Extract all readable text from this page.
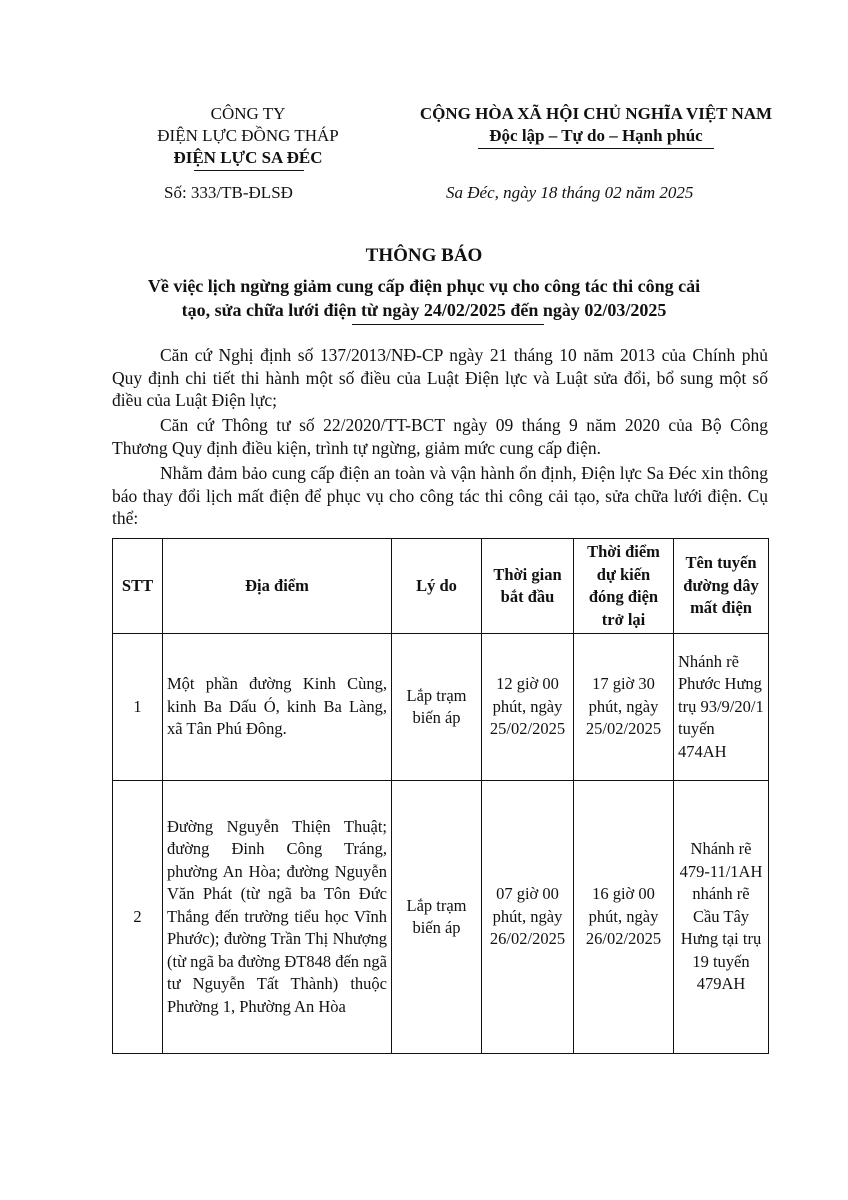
CÔNG TY
ĐIỆN LỰC ĐỒNG THÁP
ĐIỆN LỰC SA ĐÉC
CỘNG HÒA XÃ HỘI CHỦ NGHĨA VIỆT NAM
Độc lập – Tự do – Hạnh phúc
Số: 333/TB-ĐLSĐ	Sa Đéc, ngày 18 tháng 02 năm 2025
THÔNG BÁO
Về việc lịch ngừng giảm cung cấp điện phục vụ cho công tác thi công cải
tạo, sửa chữa lưới điện từ ngày 24/02/2025 đến ngày 02/03/2025
Căn cứ Nghị định số 137/2013/NĐ-CP ngày 21 tháng 10 năm 2013 của Chính phủ Quy định chi tiết thi hành một số điều của Luật Điện lực và Luật sửa đổi, bổ sung một số điều của Luật Điện lực;
Căn cứ Thông tư số 22/2020/TT-BCT ngày 09 tháng 9 năm 2020 của Bộ Công Thương Quy định điều kiện, trình tự ngừng, giảm mức cung cấp điện.
Nhằm đảm bảo cung cấp điện an toàn và vận hành ổn định, Điện lực Sa Đéc xin thông báo thay đổi lịch mất điện để phục vụ cho công tác thi công cải tạo, sửa chữa lưới điện. Cụ thể:
STT	Địa điểm	Lý do	Thời gian bắt đầu	Thời điểm dự kiến đóng điện trở lại	Tên tuyến đường dây mất điện
1	Một phần đường Kinh Cùng, kinh Ba Dấu Ó, kinh Ba Làng, xã Tân Phú Đông.	Lắp trạm biến áp	12 giờ 00 phút, ngày 25/02/2025	17 giờ 30 phút, ngày 25/02/2025	Nhánh rẽ Phước Hưng trụ 93/9/20/1 tuyến 474AH
2	Đường Nguyễn Thiện Thuật; đường Đinh Công Tráng, phường An Hòa; đường Nguyễn Văn Phát (từ ngã ba Tôn Đức Thắng đến trường tiểu học Vĩnh Phước); đường Trần Thị Nhượng (từ ngã ba đường ĐT848 đến ngã tư Nguyễn Tất Thành) thuộc Phường 1, Phường An Hòa	Lắp trạm biến áp	07 giờ 00 phút, ngày 26/02/2025	16 giờ 00 phút, ngày 26/02/2025	Nhánh rẽ 479-11/1AH nhánh rẽ Cầu Tây Hưng tại trụ 19 tuyến 479AH
